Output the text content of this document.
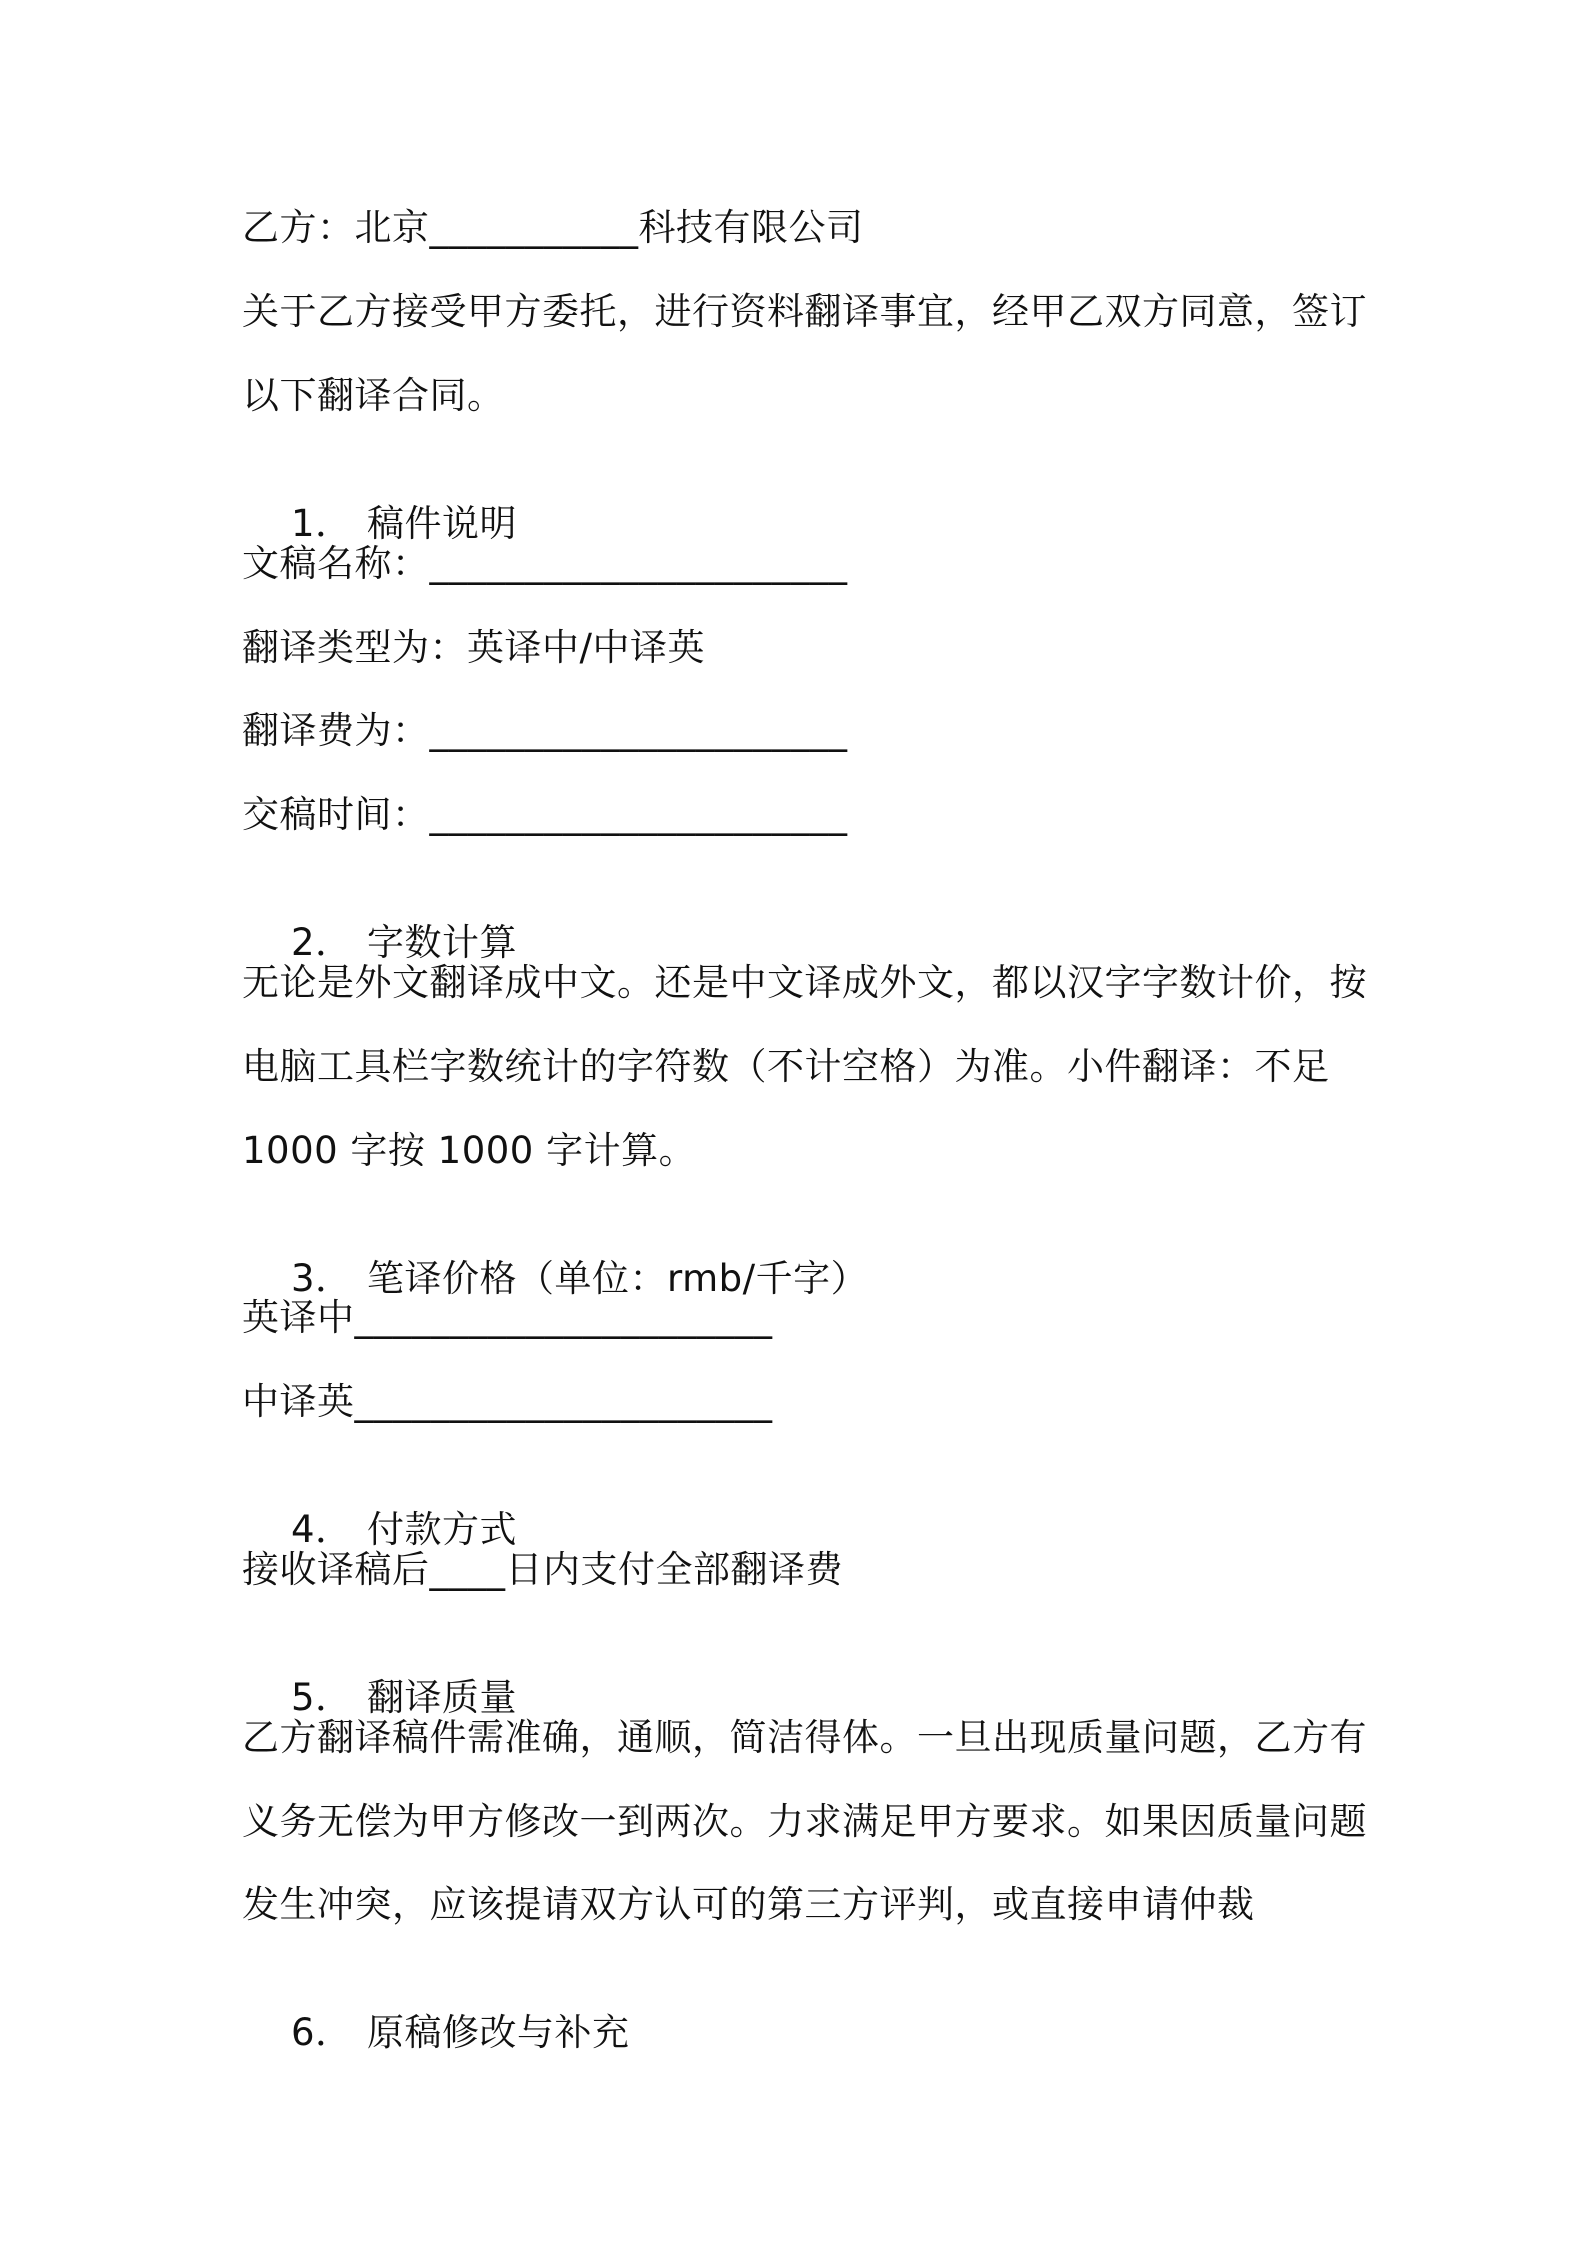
乙方：北京___________科技有限公司
关于乙方接受甲方委托，进行资料翻译事宜，经甲乙双方同意，签订
以下翻译合同。

1． 稿件说明

文稿名称：______________________
翻译类型为：英译中/中译英
翻译费为：______________________
交稿时间：______________________

2． 字数计算

无论是外文翻译成中文。还是中文译成外文，都以汉字字数计价，按
电脑工具栏字数统计的字符数（不计空格）为准。小件翻译：不足
1000 字按 1000 字计算。

3． 笔译价格（单位：rmb/千字）

英译中______________________
中译英______________________

4． 付款方式

接收译稿后____日内支付全部翻译费

5． 翻译质量

乙方翻译稿件需准确，通顺，简洁得体。一旦出现质量问题，乙方有
义务无偿为甲方修改一到两次。力求满足甲方要求。如果因质量问题
发生冲突，应该提请双方认可的第三方评判，或直接申请仲裁

6． 原稿修改与补充
